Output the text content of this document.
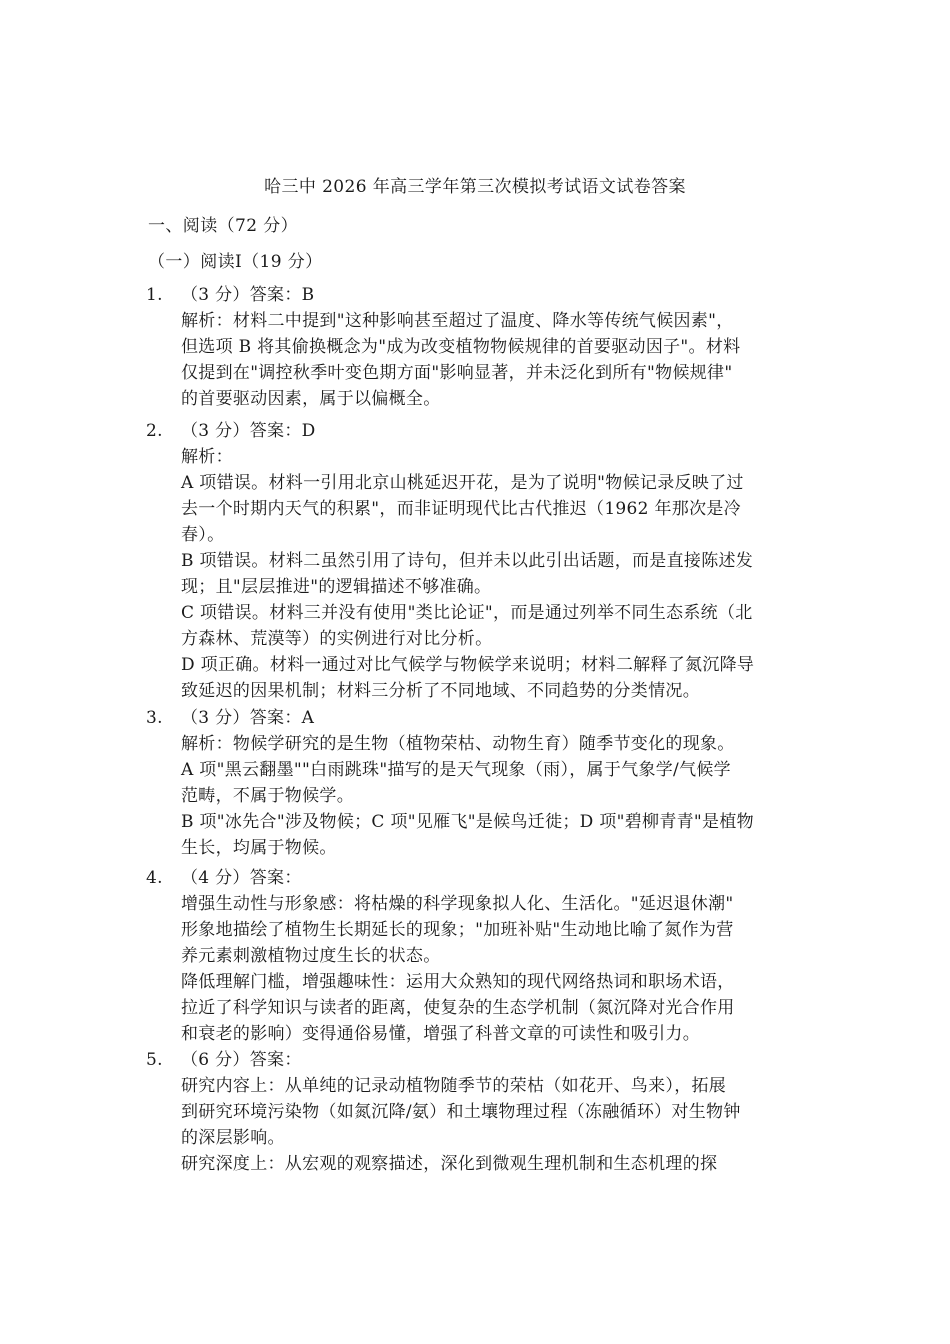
哈三中 2026 年高三学年第三次模拟考试语文试卷答案
一、阅读（72 分）
（一）阅读Ⅰ（19 分）
1.	（3 分）答案：B
解析：材料二中提到"这种影响甚至超过了温度、降水等传统气候因素"，
但选项 B 将其偷换概念为"成为改变植物物候规律的首要驱动因子"。材料
仅提到在"调控秋季叶变色期方面"影响显著，并未泛化到所有"物候规律"
的首要驱动因素，属于以偏概全。
2.	（3 分）答案：D
解析：
A 项错误。材料一引用北京山桃延迟开花，是为了说明"物候记录反映了过
去一个时期内天气的积累"，而非证明现代比古代推迟（1962 年那次是冷
春）。
B 项错误。材料二虽然引用了诗句，但并未以此引出话题，而是直接陈述发
现；且"层层推进"的逻辑描述不够准确。
C 项错误。材料三并没有使用"类比论证"，而是通过列举不同生态系统（北
方森林、荒漠等）的实例进行对比分析。
D 项正确。材料一通过对比气候学与物候学来说明；材料二解释了氮沉降导
致延迟的因果机制；材料三分析了不同地域、不同趋势的分类情况。
3.	（3 分）答案：A
解析：物候学研究的是生物（植物荣枯、动物生育）随季节变化的现象。
A 项"黑云翻墨""白雨跳珠"描写的是天气现象（雨），属于气象学/气候学
范畴，不属于物候学。
B 项"冰先合"涉及物候；C 项"见雁飞"是候鸟迁徙；D 项"碧柳青青"是植物
生长，均属于物候。
4.	（4 分）答案：
增强生动性与形象感：将枯燥的科学现象拟人化、生活化。"延迟退休潮"
形象地描绘了植物生长期延长的现象；"加班补贴"生动地比喻了氮作为营
养元素刺激植物过度生长的状态。
降低理解门槛，增强趣味性：运用大众熟知的现代网络热词和职场术语，
拉近了科学知识与读者的距离，使复杂的生态学机制（氮沉降对光合作用
和衰老的影响）变得通俗易懂，增强了科普文章的可读性和吸引力。
5.	（6 分）答案：
研究内容上：从单纯的记录动植物随季节的荣枯（如花开、鸟来），拓展
到研究环境污染物（如氮沉降/氨）和土壤物理过程（冻融循环）对生物钟
的深层影响。
研究深度上：从宏观的观察描述，深化到微观生理机制和生态机理的探
